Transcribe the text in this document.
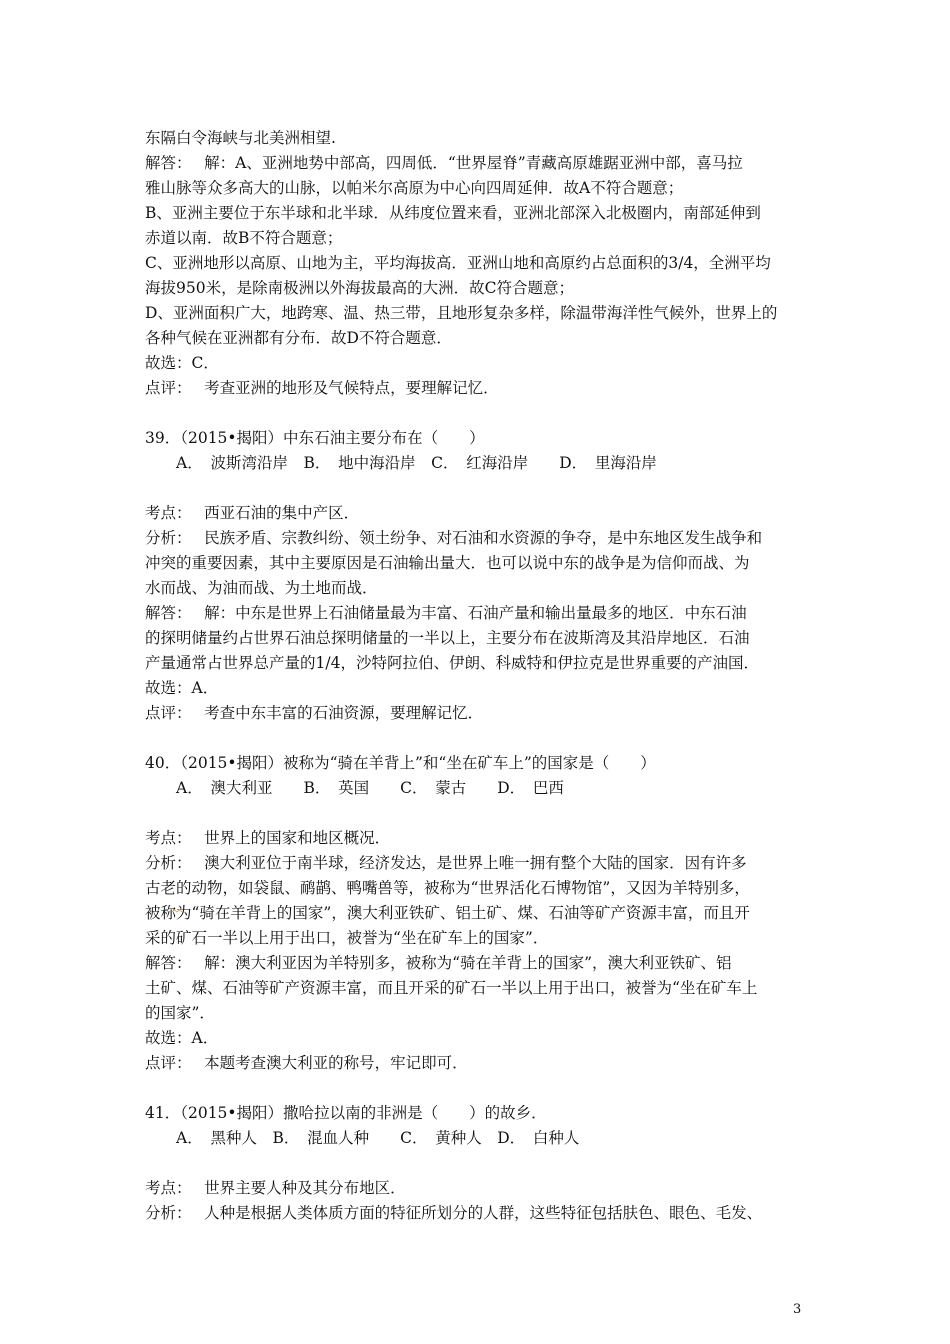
东隔白令海峡与北美洲相望.
解答：　 解：A、亚洲地势中部高，四周低．“世界屋脊”青藏高原雄踞亚洲中部，喜马拉
雅山脉等众多高大的山脉，以帕米尔高原为中心向四周延伸．故A不符合题意；
B、亚洲主要位于东半球和北半球．从纬度位置来看，亚洲北部深入北极圈内，南部延伸到
赤道以南．故B不符合题意；
C、亚洲地形以高原、山地为主，平均海拔高．亚洲山地和高原约占总面积的3/4，全洲平均
海拔950米，是除南极洲以外海拔最高的大洲．故C符合题意；
D、亚洲面积广大，地跨寒、温、热三带，且地形复杂多样，除温带海洋性气候外，世界上的
各种气候在亚洲都有分布．故D不符合题意．
故选：C．
点评：　 考查亚洲的地形及气候特点，要理解记忆．
39．（2015•揭阳）中东石油主要分布在（　　）
A．　波斯湾沿岸　B．　地中海沿岸　C．　红海沿岸　　D．　里海沿岸
考点：　 西亚石油的集中产区．
分析：　 民族矛盾、宗教纠纷、领土纷争、对石油和水资源的争夺，是中东地区发生战争和
冲突的重要因素，其中主要原因是石油输出量大．也可以说中东的战争是为信仰而战、为
水而战、为油而战、为土地而战．
解答：　 解：中东是世界上石油储量最为丰富、石油产量和输出量最多的地区．中东石油
的探明储量约占世界石油总探明储量的一半以上，主要分布在波斯湾及其沿岸地区．石油
产量通常占世界总产量的1/4，沙特阿拉伯、伊朗、科威特和伊拉克是世界重要的产油国．
故选：A．
点评：　 考查中东丰富的石油资源，要理解记忆．
40．（2015•揭阳）被称为“骑在羊背上”和“坐在矿车上”的国家是（　　）
A．　澳大利亚　　B．　英国　　C．　蒙古　　D．　巴西
考点：　 世界上的国家和地区概况．
分析：　 澳大利亚位于南半球，经济发达，是世界上唯一拥有整个大陆的国家．因有许多
古老的动物，如袋鼠、鸸鹋、鸭嘴兽等，被称为“世界活化石博物馆”，又因为羊特别多，
被称为“骑在羊背上的国家”，澳大利亚铁矿、铝土矿、煤、石油等矿产资源丰富，而且开
采的矿石一半以上用于出口，被誉为“坐在矿车上的国家”．
解答：　 解：澳大利亚因为羊特别多，被称为“骑在羊背上的国家”，澳大利亚铁矿、铝
土矿、煤、石油等矿产资源丰富，而且开采的矿石一半以上用于出口，被誉为“坐在矿车上
的国家”．
故选：A．
点评：　 本题考查澳大利亚的称号，牢记即可．
41．（2015•揭阳）撒哈拉以南的非洲是（　　）的故乡．
A．　黑种人　B．　混血人种　　C．　黄种人　D．　白种人
考点：　 世界主要人种及其分布地区．
分析：　 人种是根据人类体质方面的特征所划分的人群，这些特征包括肤色、眼色、毛发、
3
